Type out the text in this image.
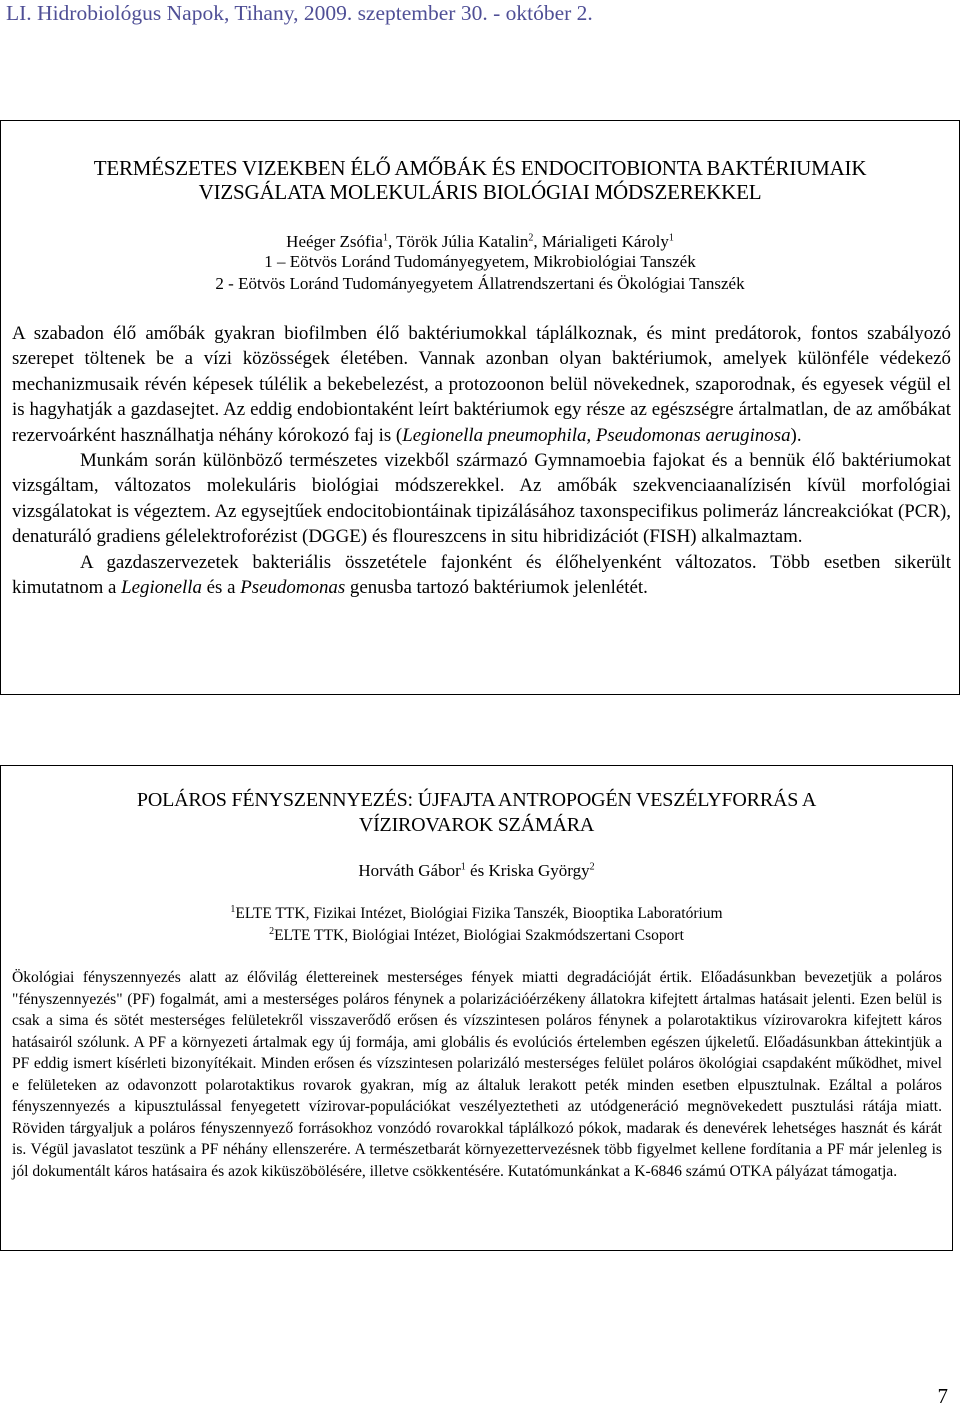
LI. Hidrobiológus Napok, Tihany, 2009. szeptember 30. - október 2.
TERMÉSZETES VIZEKBEN ÉLŐ AMŐBÁK ÉS ENDOCITOBIONTA BAKTÉRIUMAIK
VIZSGÁLATA MOLEKULÁRIS BIOLÓGIAI MÓDSZEREKKEL
Heéger Zsófia$^1$, Török Júlia Katalin$^2$, Márialigeti Károly$^1$
1 – Eötvös Loránd Tudományegyetem, Mikrobiológiai Tanszék
2 - Eötvös Loránd Tudományegyetem Állatrendszertani és Ökológiai Tanszék

A szabadon élő amőbák gyakran biofilmben élő baktériumokkal táplálkoznak, és mint predátorok, fontos szabályozó szerepet töltenek be a vízi közösségek életében. Vannak azonban olyan baktériumok, amelyek különféle védekező mechanizmusaik révén képesek túlélik a bekebelezést, a protozoonon belül növekednek, szaporodnak, és egyesek végül el is hagyhatják a gazdasejtet. Az eddig endobiontaként leírt baktériumok egy része az egészségre ártalmatlan, de az amőbákat rezervoárként használhatja néhány kórokozó faj is (Legionella pneumophila, Pseudomonas aeruginosa).

Munkám során különböző természetes vizekből származó Gymnamoebia fajokat és a bennük élő baktériumokat vizsgáltam, változatos molekuláris biológiai módszerekkel. Az amőbák szekvenciaanalízisén kívül morfológiai vizsgálatokat is végeztem. Az egysejtűek endocitobiontáinak tipizálásához taxonspecifikus polimeráz láncreakciókat (PCR), denaturáló gradiens gélelektroforézist (DGGE) és floureszcens in situ hibridizációt (FISH) alkalmaztam.

A gazdaszervezetek bakteriális összetétele fajonként és élőhelyenként változatos. Több esetben sikerült kimutatnom a Legionella és a Pseudomonas genusba tartozó baktériumok jelenlétét.

POLÁROS FÉNYSZENNYEZÉS: ÚJFAJTA ANTROPOGÉN VESZÉLYFORRÁS A
VÍZIROVAROK SZÁMÁRA
Horváth Gábor$^1$ és Kriska György$^2$
$^1$ELTE TTK, Fizikai Intézet, Biológiai Fizika Tanszék, Biooptika Laboratórium
$^2$ELTE TTK, Biológiai Intézet, Biológiai Szakmódszertani Csoport

Ökológiai fényszennyezés alatt az élővilág élettereinek mesterséges fények miatti degradációját értik. Előadásunkban bevezetjük a poláros "fényszennyezés" (PF) fogalmát, ami a mesterséges poláros fénynek a polarizációérzékeny állatokra kifejtett ártalmas hatásait jelenti. Ezen belül is csak a sima és sötét mesterséges felületekről visszaverődő erősen és vízszintesen poláros fénynek a polarotaktikus vízirovarokra kifejtett káros hatásairól szólunk. A PF a környezeti ártalmak egy új formája, ami globális és evolúciós értelemben egészen újkeletű. Előadásunkban áttekintjük a PF eddig ismert kísérleti bizonyítékait. Minden erősen és vízszintesen polarizáló mesterséges felület poláros ökológiai csapdaként működhet, mivel e felületeken az odavonzott polarotaktikus rovarok gyakran, míg az általuk lerakott peték minden esetben elpusztulnak. Ezáltal a poláros fényszennyezés a kipusztulással fenyegetett vízirovar-populációkat veszélyeztetheti az utódgeneráció megnövekedett pusztulási rátája miatt. Röviden tárgyaljuk a poláros fényszennyező forrásokhoz vonzódó rovarokkal táplálkozó pókok, madarak és denevérek lehetséges hasznát és kárát is. Végül javaslatot teszünk a PF néhány ellenszerére. A természetbarát környezettervezésnek több figyelmet kellene fordítania a PF már jelenleg is jól dokumentált káros hatásaira és azok kiküszöbölésére, illetve csökkentésére. Kutatómunkánkat a K-6846 számú OTKA pályázat támogatja.

7
